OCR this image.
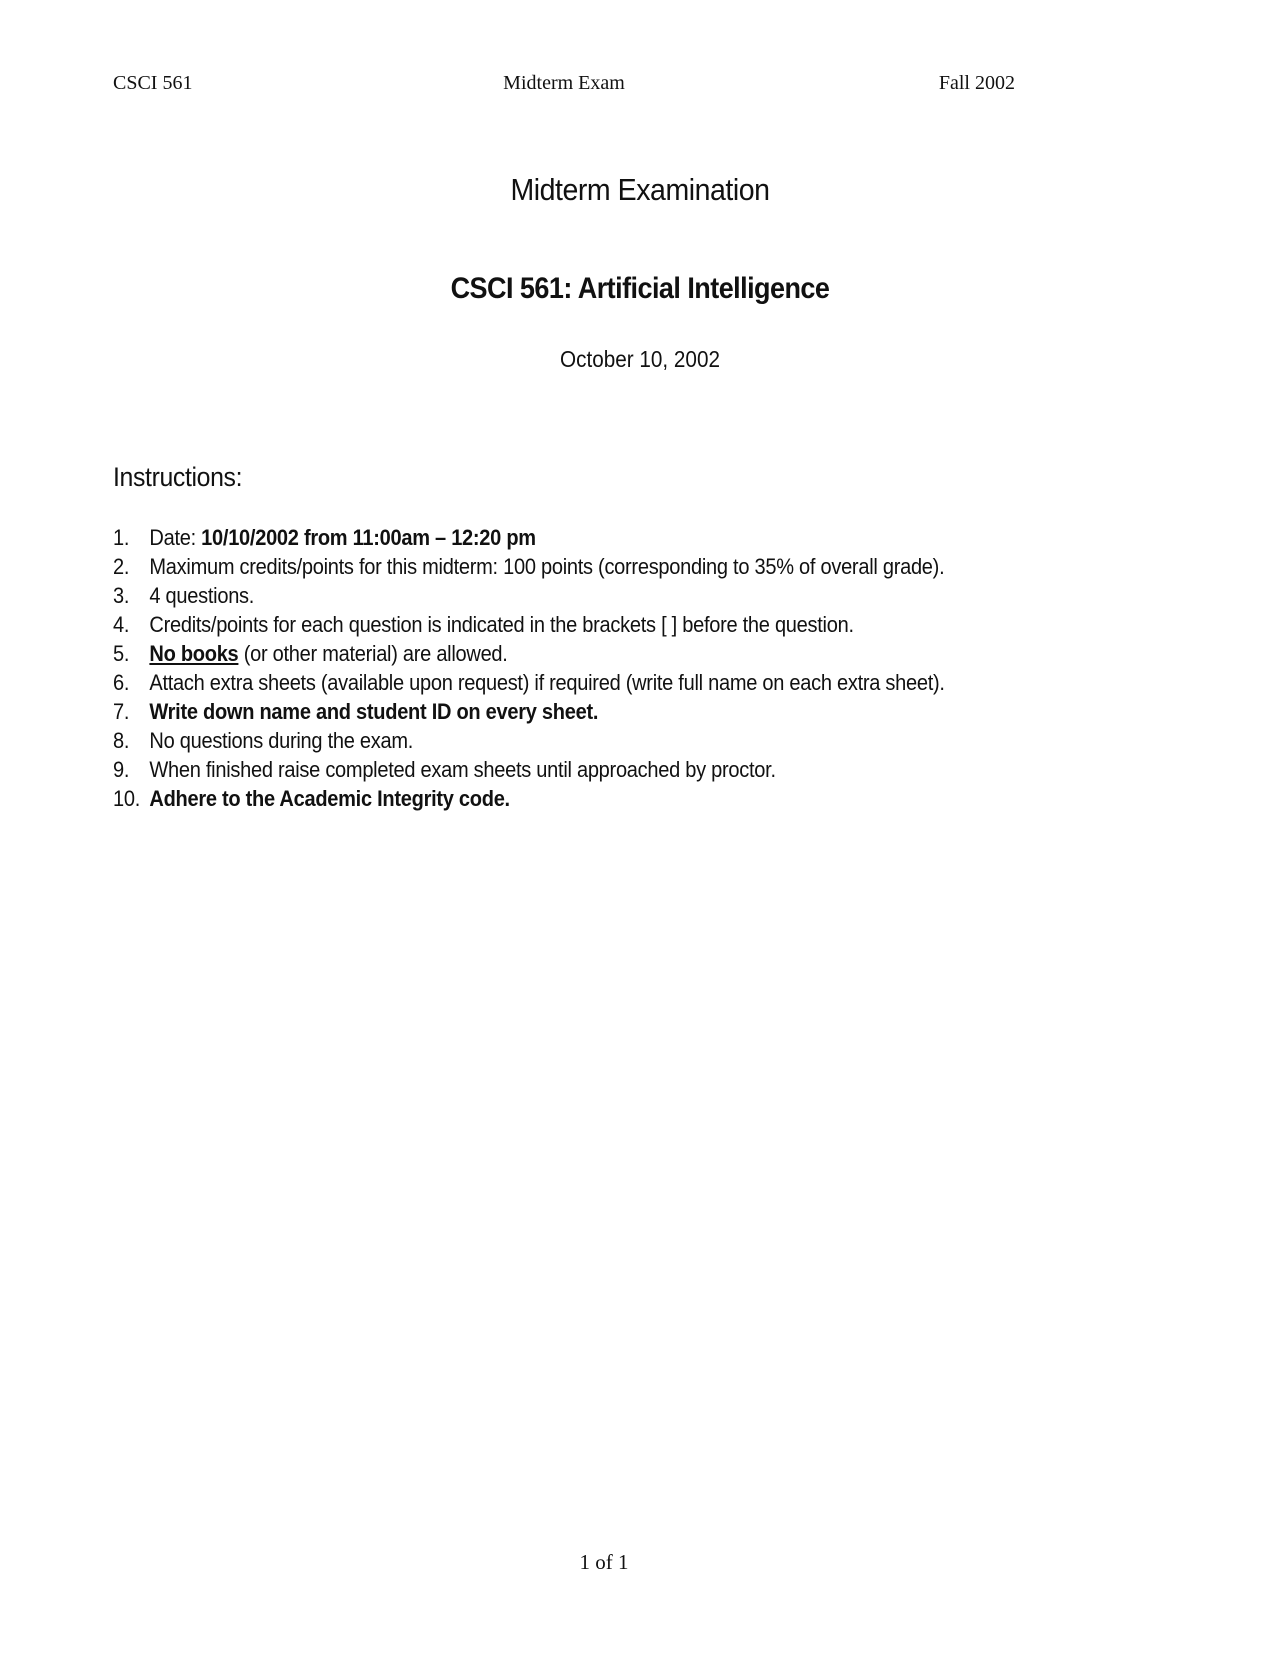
CSCI 561	Midterm Exam	Fall 2002
Midterm Examination
CSCI 561: Artificial Intelligence
October 10, 2002
Instructions:
1. Date: 10/10/2002 from 11:00am – 12:20 pm
2. Maximum credits/points for this midterm: 100 points (corresponding to 35% of overall grade).
3. 4 questions.
4. Credits/points for each question is indicated in the brackets [ ] before the question.
5. No books (or other material) are allowed.
6. Attach extra sheets (available upon request) if required (write full name on each extra sheet).
7. Write down name and student ID on every sheet.
8. No questions during the exam.
9. When finished raise completed exam sheets until approached by proctor.
10. Adhere to the Academic Integrity code.
1 of 1
